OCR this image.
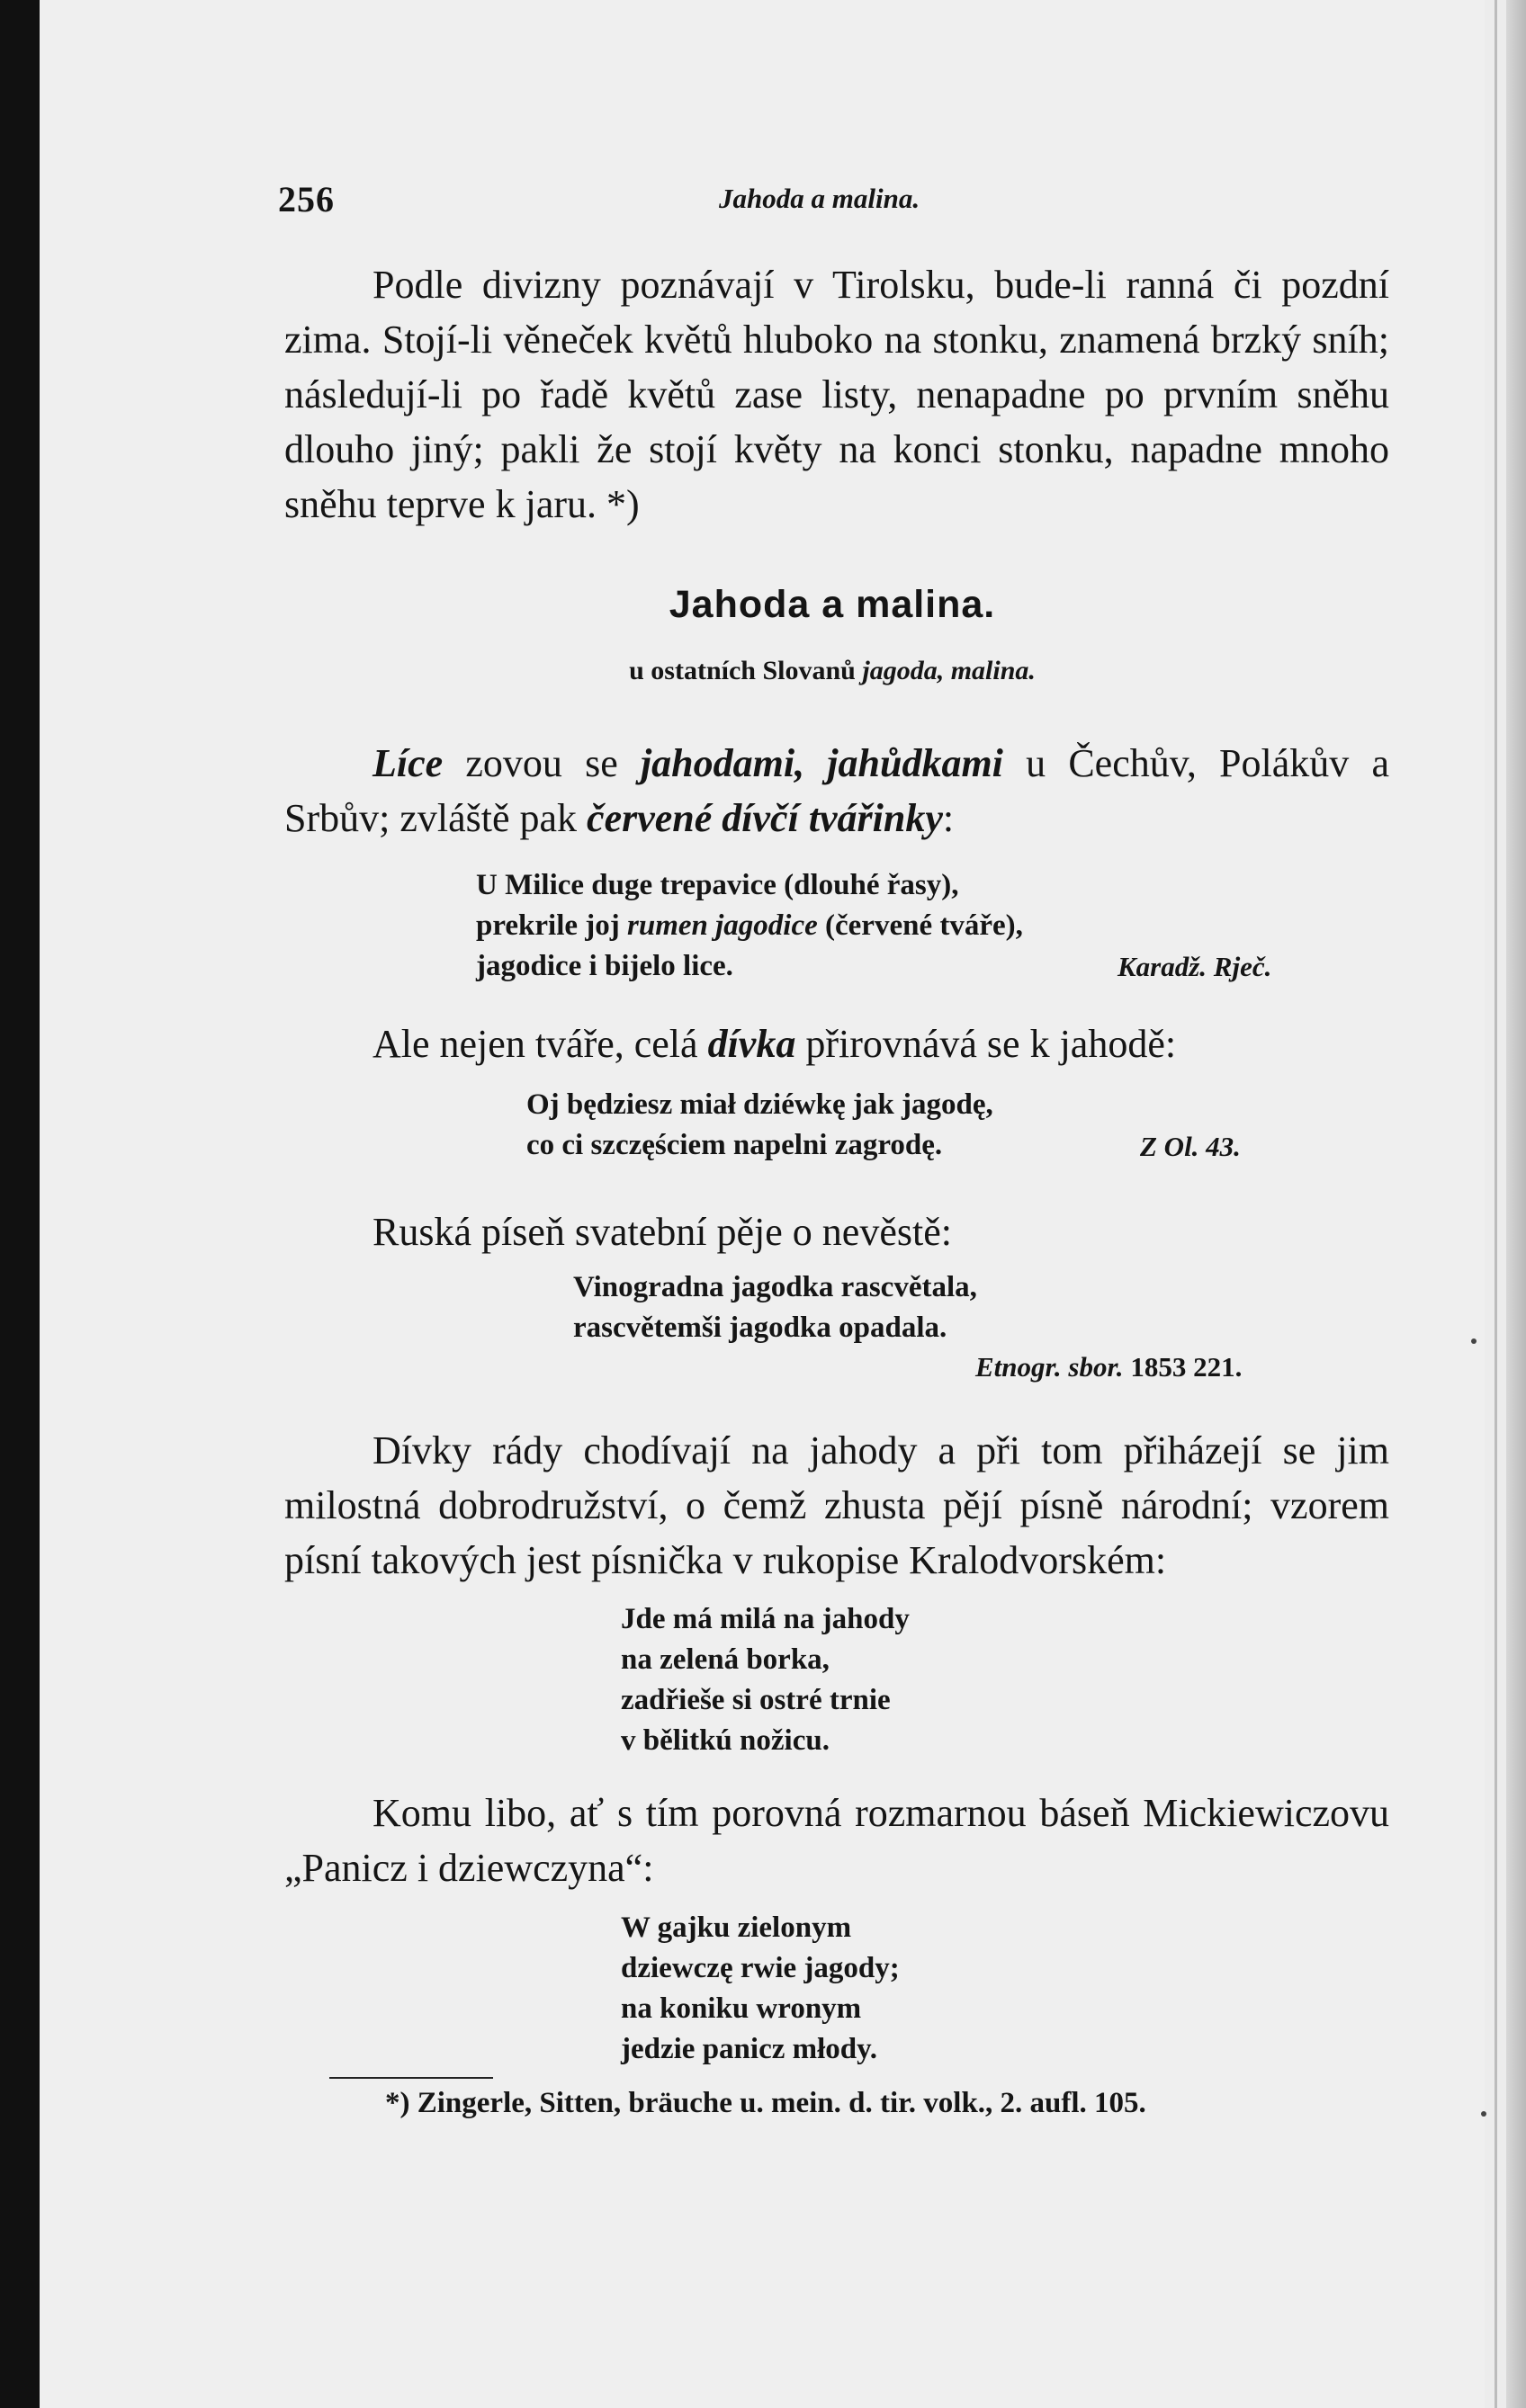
256	Jahoda a malina.
Podle divizny poznávají v Tirolsku, bude-li ranná či pozdní zima. Stojí-li věneček květů hluboko na stonku, znamená brzký sníh; následují-li po řadě květů zase listy, nenapadne po prvním sněhu dlouho jiný; pakli že stojí květy na konci stonku, napadne mnoho sněhu teprve k jaru. *)
Jahoda a malina.
u ostatních Slovanů jagoda, malina.
Líce zovou se jahodami, jahůdkami u Čechův, Polákův a Srbův; zvláště pak červené dívčí tvářinky:
U Milice duge trepavice (dlouhé řasy),
prekrile joj rumen jagodice (červené tváře),
jagodice i bijelo lice.	Karadž. Rječ.
Ale nejen tváře, celá dívka přirovnává se k jahodě:
Oj będziesz miał dziéwkę jak jagodę,
co ci szczęściem napelni zagrodę.	Z Ol. 43.
Ruská píseň svatební pěje o nevěstě:
Vinogradna jagodka rascvětala,
rascvětemši jagodka opadala.
Etnogr. sbor. 1853 221.
Dívky rády chodívají na jahody a při tom přiházejí se jim milostná dobrodružství, o čemž zhusta pějí písně národní; vzorem písní takových jest písnička v rukopise Kralodvorském:
Jde má milá na jahody
na zelená borka,
zadřieše si ostré trnie
v bělitkú nožicu.
Komu libo, ať s tím porovná rozmarnou báseň Mickiewiczovu „Panicz i dziewczyna“:
W gajku zielonym
dziewczę rwie jagody;
na koniku wronym
jedzie panicz młody.
*) Zingerle, Sitten, bräuche u. mein. d. tir. volk., 2. aufl. 105.
